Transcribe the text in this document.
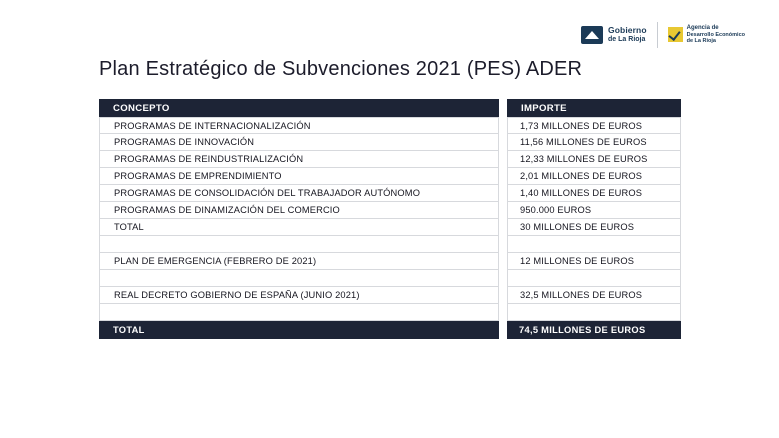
Gobierno
de La Rioja
Agencia de
Desarrollo Económico
de La Rioja
Plan Estratégico de Subvenciones 2021 (PES) ADER
CONCEPTO
PROGRAMAS DE INTERNACIONALIZACIÓN
PROGRAMAS DE INNOVACIÓN
PROGRAMAS DE REINDUSTRIALIZACIÓN
PROGRAMAS DE EMPRENDIMIENTO
PROGRAMAS DE CONSOLIDACIÓN DEL TRABAJADOR AUTÓNOMO
PROGRAMAS DE DINAMIZACIÓN DEL COMERCIO
TOTAL
PLAN DE EMERGENCIA (FEBRERO DE 2021)
REAL DECRETO GOBIERNO DE ESPAÑA (JUNIO 2021)
TOTAL
IMPORTE
1,73 MILLONES DE EUROS
11,56 MILLONES DE EUROS
12,33 MILLONES DE EUROS
2,01 MILLONES DE EUROS
1,40 MILLONES DE EUROS
950.000 EUROS
30 MILLONES DE EUROS
12 MILLONES DE EUROS
32,5 MILLONES DE EUROS
74,5 MILLONES DE EUROS
